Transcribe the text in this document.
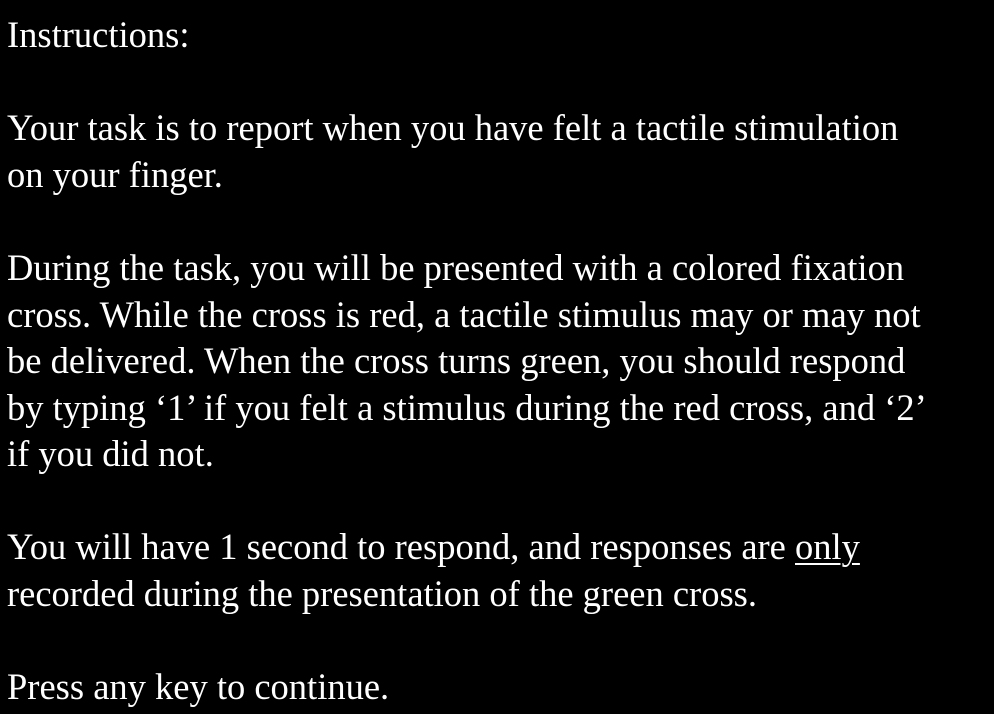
Instructions:

Your task is to report when you have felt a tactile stimulation
on your finger.

During the task, you will be presented with a colored fixation
cross. While the cross is red, a tactile stimulus may or may not
be delivered. When the cross turns green, you should respond
by typing ‘1’ if you felt a stimulus during the red cross, and ‘2’
if you did not.

You will have 1 second to respond, and responses are only
recorded during the presentation of the green cross.

Press any key to continue.
